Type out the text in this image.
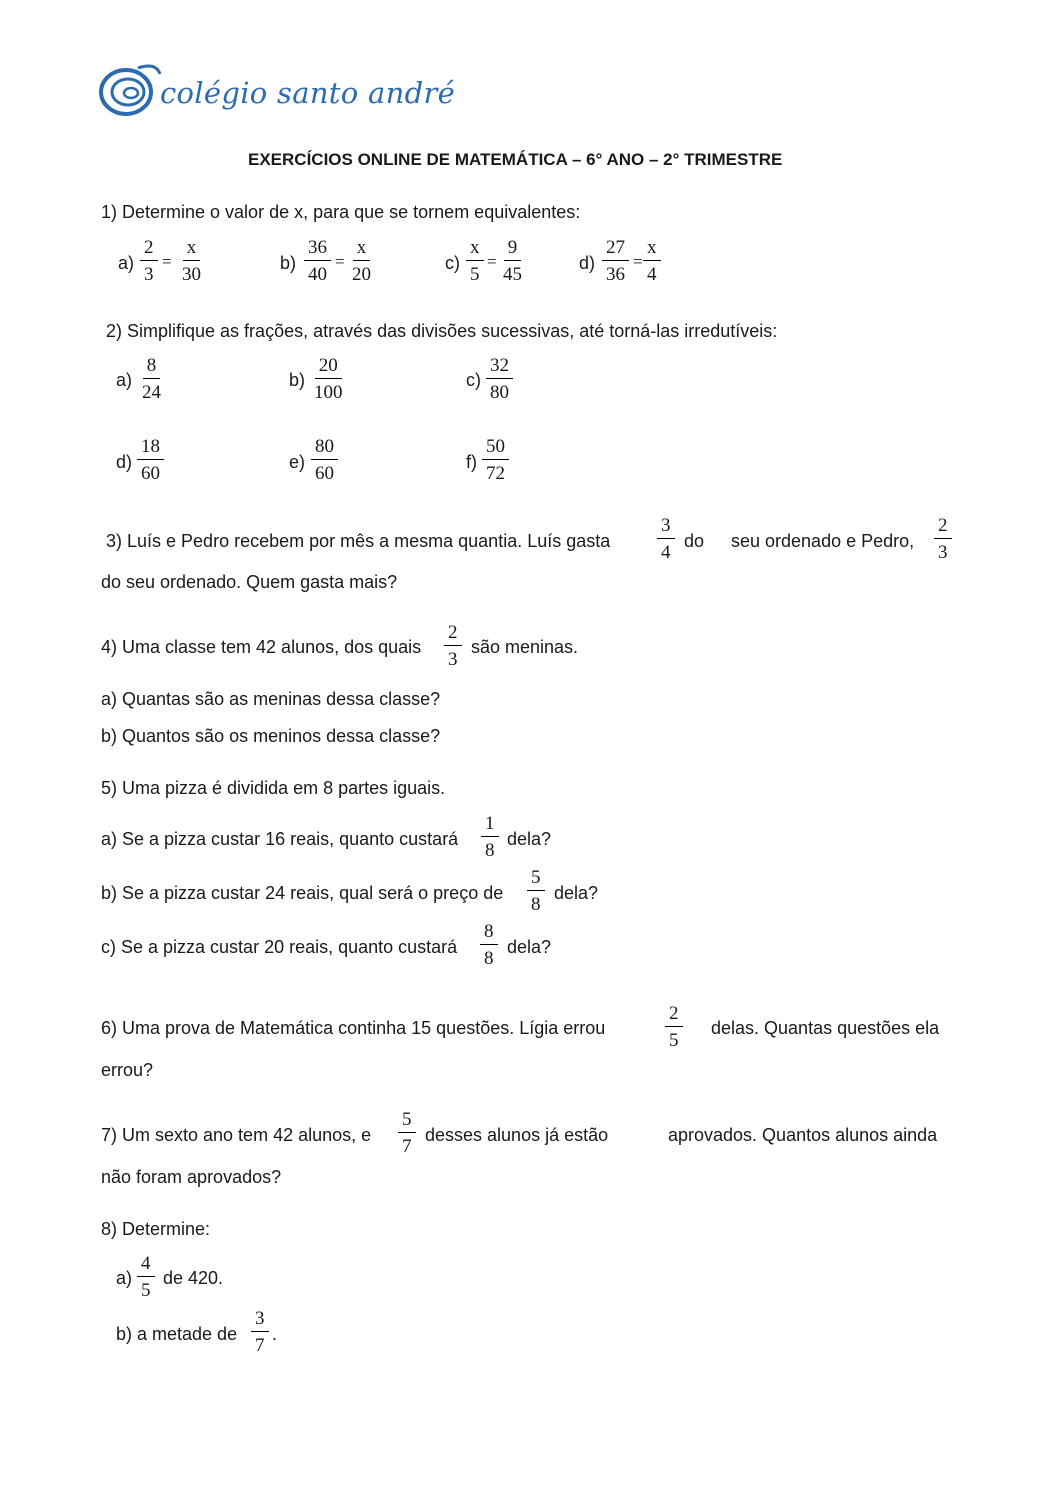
colégio santo andré
EXERCÍCIOS ONLINE DE MATEMÁTICA – 6° ANO – 2° TRIMESTRE
1) Determine o valor de x, para que se tornem equivalentes:
$a) \frac{2}{3} = \frac{x}{30}$	$b) \frac{36}{40} = \frac{x}{20}$	$c) \frac{x}{5} = \frac{9}{45}$	$d) \frac{27}{36} = \frac{x}{4}$
2) Simplifique as frações, através das divisões sucessivas, até torná-las irredutíveis:
$a) \frac{8}{24}$	$b) \frac{20}{100}$	$c) \frac{32}{80}$
$d) \frac{18}{60}$	$e) \frac{80}{60}$	$f) \frac{50}{72}$
3) Luís e Pedro recebem por mês a mesma quantia. Luís gasta $\frac{3}{4}$ do seu ordenado e Pedro, $\frac{2}{3}$
do seu ordenado. Quem gasta mais?
4) Uma classe tem 42 alunos, dos quais $\frac{2}{3}$ são meninas.
a) Quantas são as meninas dessa classe?
b) Quantos são os meninos dessa classe?
5) Uma pizza é dividida em 8 partes iguais.
a) Se a pizza custar 16 reais, quanto custará $\frac{1}{8}$ dela?
b) Se a pizza custar 24 reais, qual será o preço de $\frac{5}{8}$ dela?
c) Se a pizza custar 20 reais, quanto custará $\frac{8}{8}$ dela?
6) Uma prova de Matemática continha 15 questões. Lígia errou	$\frac{2}{5}$ delas. Quantas questões ela
errou?
7) Um sexto ano tem 42 alunos, e $\frac{5}{7}$ desses alunos já estão	aprovados. Quantos alunos ainda
não foram aprovados?
8) Determine:
$a) \frac{4}{5}$ de 420.
b) a metade de $\frac{3}{7}$ .
